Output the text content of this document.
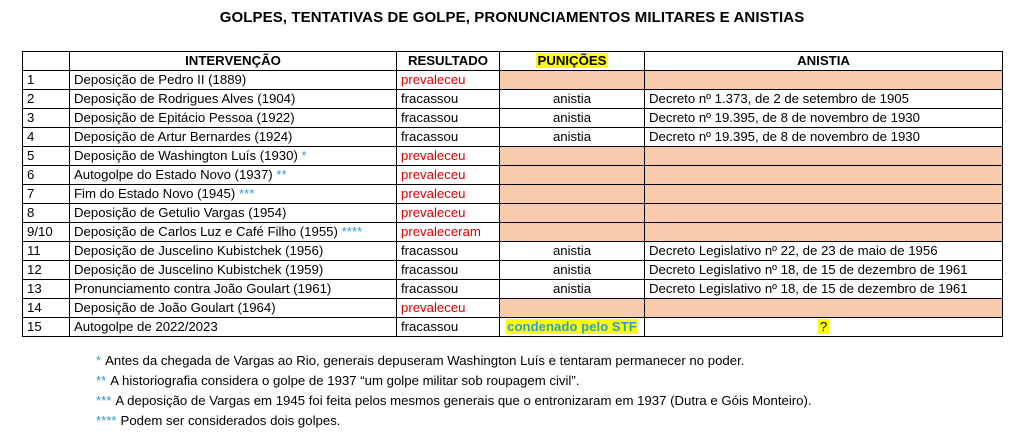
GOLPES, TENTATIVAS DE GOLPE, PRONUNCIAMENTOS MILITARES E ANISTIAS
	INTERVENÇÃO	RESULTADO	PUNIÇÕES	ANISTIA
1	Deposição de Pedro II (1889)	prevaleceu		
2	Deposição de Rodrigues Alves (1904)	fracassou	anistia	Decreto nº 1.373, de 2 de setembro de 1905
3	Deposição de Epitácio Pessoa (1922)	fracassou	anistia	Decreto nº 19.395, de 8 de novembro de 1930
4	Deposição de Artur Bernardes (1924)	fracassou	anistia	Decreto nº 19.395, de 8 de novembro de 1930
5	Deposição de Washington Luís (1930) *	prevaleceu		
6	Autogolpe do Estado Novo (1937) **	prevaleceu		
7	Fim do Estado Novo (1945) ***	prevaleceu		
8	Deposição de Getulio Vargas (1954)	prevaleceu		
9/10	Deposição de Carlos Luz e Café Filho (1955) ****	prevaleceram		
11	Deposição de Juscelino Kubistchek (1956)	fracassou	anistia	Decreto Legislativo nº 22, de 23 de maio de 1956
12	Deposição de Juscelino Kubistchek (1959)	fracassou	anistia	Decreto Legislativo nº 18, de 15 de dezembro de 1961
13	Pronunciamento contra João Goulart (1961)	fracassou	anistia	Decreto Legislativo nº 18, de 15 de dezembro de 1961
14	Deposição de João Goulart (1964)	prevaleceu		
15	Autogolpe de 2022/2023	fracassou	condenado pelo STF	?
* Antes da chegada de Vargas ao Rio, generais depuseram Washington Luís e tentaram permanecer no poder.
** A historiografia considera o golpe de 1937 “um golpe militar sob roupagem civil”.
*** A deposição de Vargas em 1945 foi feita pelos mesmos generais que o entronizaram em 1937 (Dutra e Góis Monteiro).
**** Podem ser considerados dois golpes.
